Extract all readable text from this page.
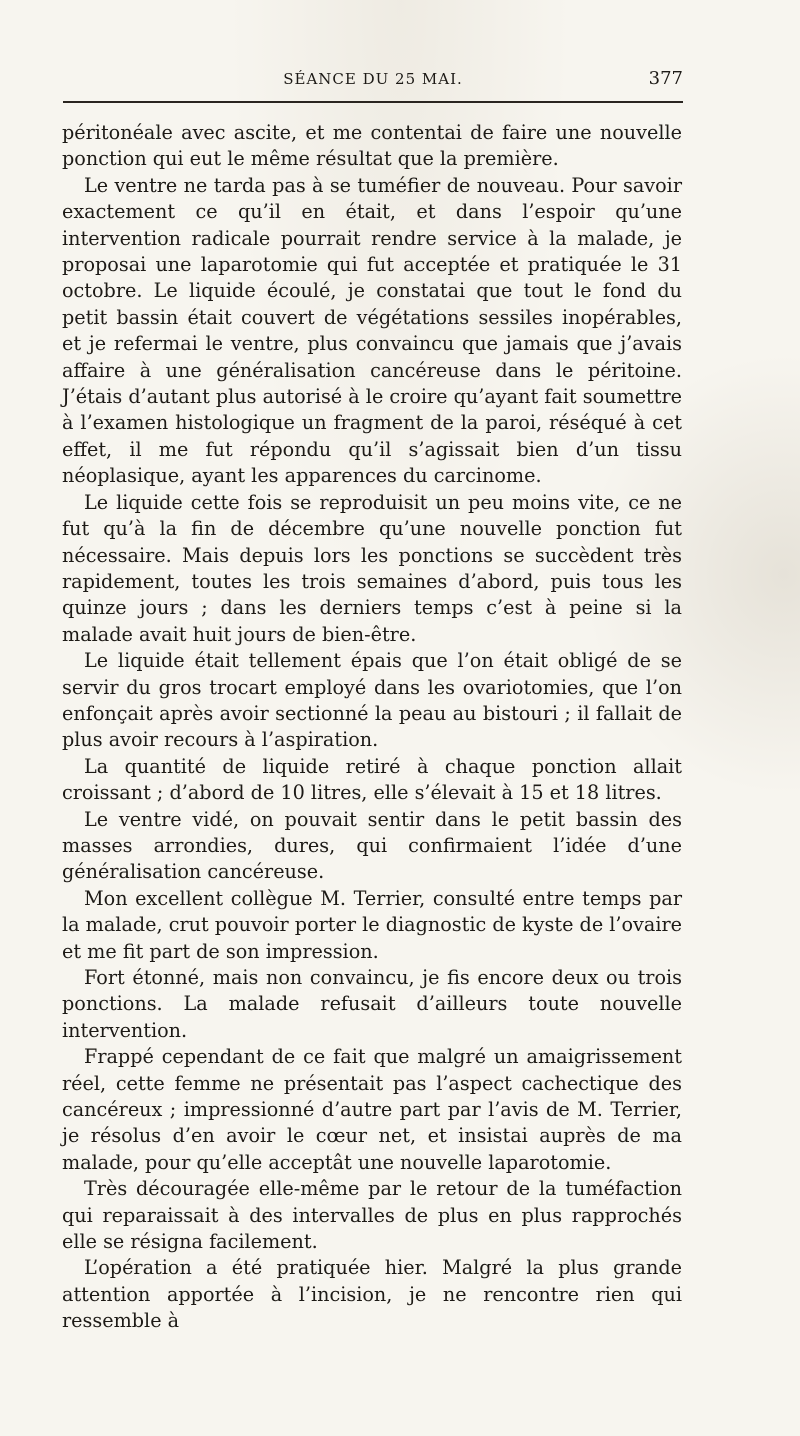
SÉANCE DU 25 MAI.	377

péritonéale avec ascite, et me contentai de faire une nouvelle ponction qui eut le même résultat que la première.

Le ventre ne tarda pas à se tuméfier de nouveau. Pour savoir exactement ce qu’il en était, et dans l’espoir qu’une intervention radicale pourrait rendre service à la malade, je proposai une laparotomie qui fut acceptée et pratiquée le 31 octobre. Le liquide écoulé, je constatai que tout le fond du petit bassin était couvert de végétations sessiles inopérables, et je refermai le ventre, plus convaincu que jamais que j’avais affaire à une généralisation cancéreuse dans le péritoine. J’étais d’autant plus autorisé à le croire qu’ayant fait soumettre à l’examen histologique un fragment de la paroi, réséqué à cet effet, il me fut répondu qu’il s’agissait bien d’un tissu néoplasique, ayant les apparences du carcinome.

Le liquide cette fois se reproduisit un peu moins vite, ce ne fut qu’à la fin de décembre qu’une nouvelle ponction fut nécessaire. Mais depuis lors les ponctions se succèdent très rapidement, toutes les trois semaines d’abord, puis tous les quinze jours ; dans les derniers temps c’est à peine si la malade avait huit jours de bien-être.

Le liquide était tellement épais que l’on était obligé de se servir du gros trocart employé dans les ovariotomies, que l’on enfonçait après avoir sectionné la peau au bistouri ; il fallait de plus avoir recours à l’aspiration.

La quantité de liquide retiré à chaque ponction allait croissant ; d’abord de 10 litres, elle s’élevait à 15 et 18 litres.

Le ventre vidé, on pouvait sentir dans le petit bassin des masses arrondies, dures, qui confirmaient l’idée d’une généralisation cancéreuse.

Mon excellent collègue M. Terrier, consulté entre temps par la malade, crut pouvoir porter le diagnostic de kyste de l’ovaire et me fit part de son impression.

Fort étonné, mais non convaincu, je fis encore deux ou trois ponctions. La malade refusait d’ailleurs toute nouvelle intervention.

Frappé cependant de ce fait que malgré un amaigrissement réel, cette femme ne présentait pas l’aspect cachectique des cancéreux ; impressionné d’autre part par l’avis de M. Terrier, je résolus d’en avoir le cœur net, et insistai auprès de ma malade, pour qu’elle acceptât une nouvelle laparotomie.

Très découragée elle-même par le retour de la tuméfaction qui reparaissait à des intervalles de plus en plus rapprochés elle se résigna facilement.

L’opération a été pratiquée hier. Malgré la plus grande attention apportée à l’incision, je ne rencontre rien qui ressemble à
